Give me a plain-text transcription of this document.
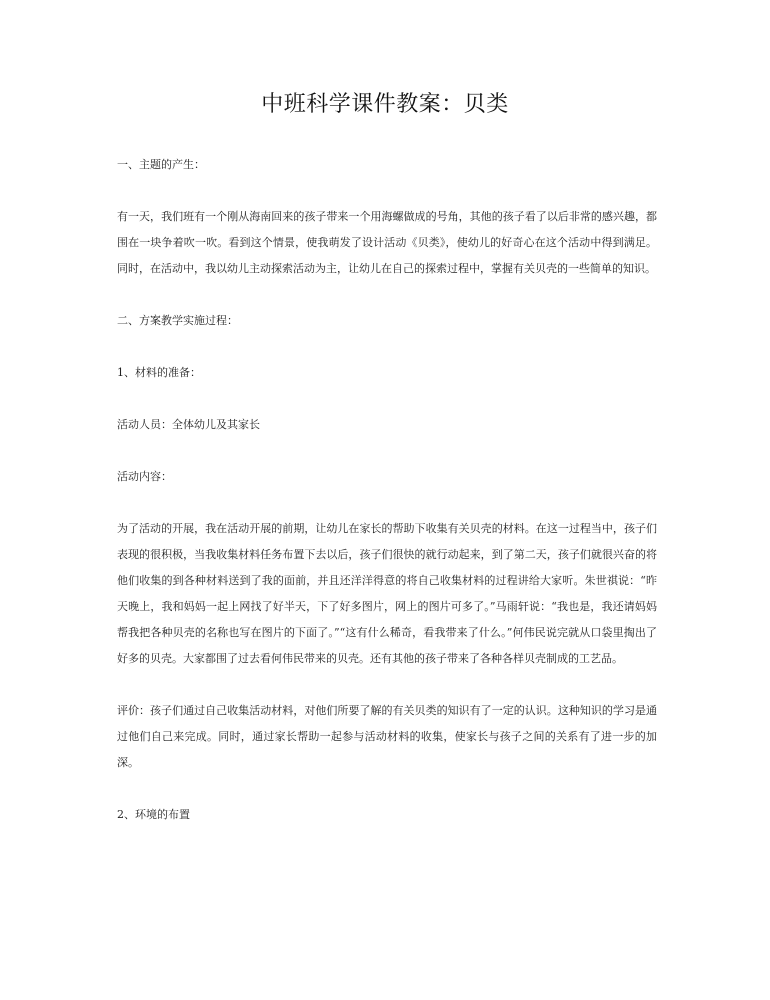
中班科学课件教案：贝类

一、主题的产生：

有一天，我们班有一个刚从海南回来的孩子带来一个用海螺做成的号角，其他的孩子看了以后非常的感兴趣，都围在一块争着吹一吹。看到这个情景，使我萌发了设计活动《贝类》，使幼儿的好奇心在这个活动中得到满足。同时，在活动中，我以幼儿主动探索活动为主，让幼儿在自己的探索过程中，掌握有关贝壳的一些简单的知识。

二、方案教学实施过程：

1、材料的准备：

活动人员：全体幼儿及其家长

活动内容：

为了活动的开展，我在活动开展的前期，让幼儿在家长的帮助下收集有关贝壳的材料。在这一过程当中，孩子们表现的很积极，当我收集材料任务布置下去以后，孩子们很快的就行动起来，到了第二天，孩子们就很兴奋的将他们收集的到各种材料送到了我的面前，并且还洋洋得意的将自己收集材料的过程讲给大家听。朱世祺说：“昨天晚上，我和妈妈一起上网找了好半天，下了好多图片，网上的图片可多了。”马雨轩说：“我也是，我还请妈妈帮我把各种贝壳的名称也写在图片的下面了。”“这有什么稀奇，看我带来了什么。”何伟民说完就从口袋里掏出了好多的贝壳。大家都围了过去看何伟民带来的贝壳。还有其他的孩子带来了各种各样贝壳制成的工艺品。

评价：孩子们通过自己收集活动材料，对他们所要了解的有关贝类的知识有了一定的认识。这种知识的学习是通过他们自己来完成。同时，通过家长帮助一起参与活动材料的收集，使家长与孩子之间的关系有了进一步的加深。

2、环境的布置
